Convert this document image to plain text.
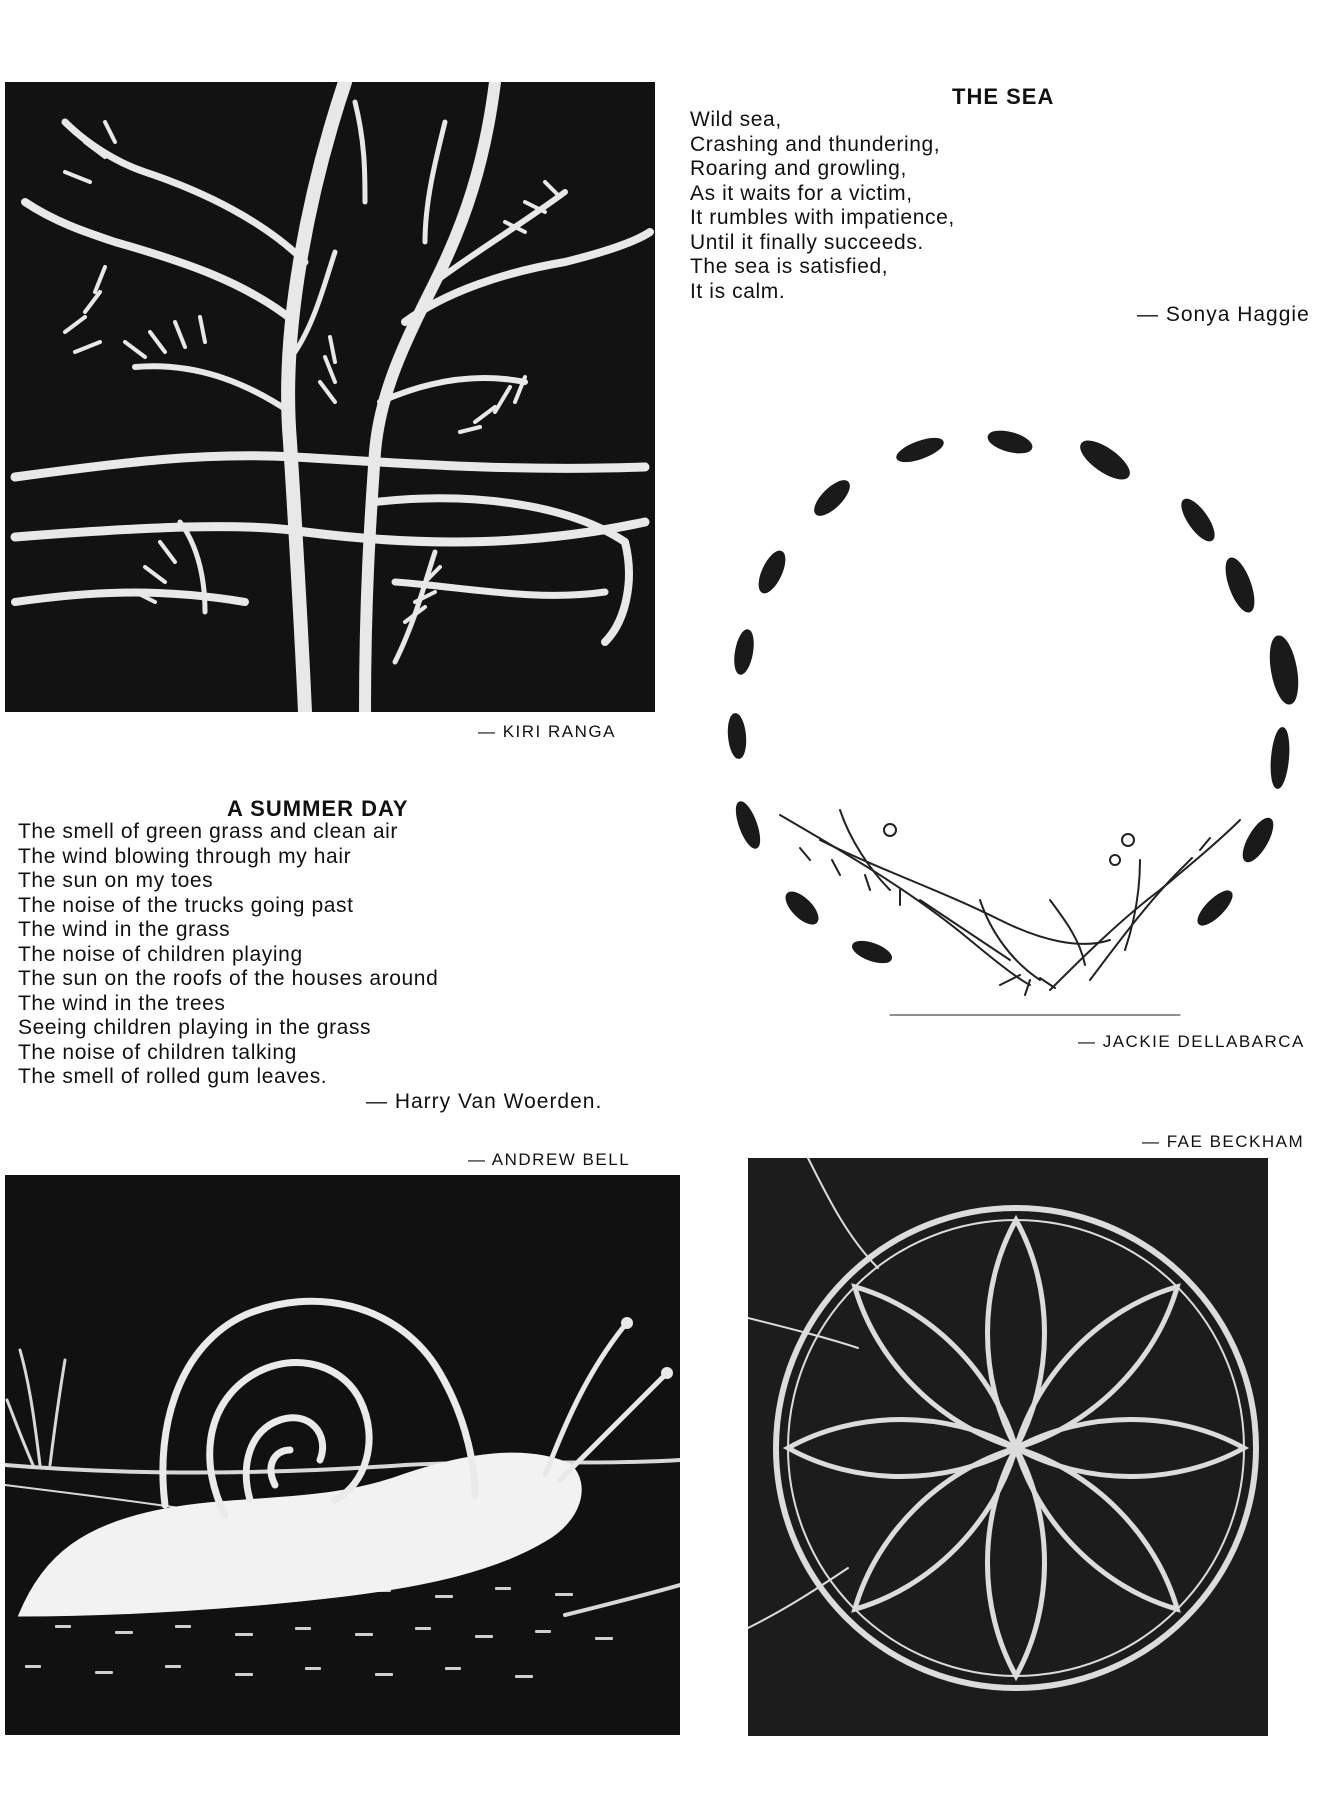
— KIRI RANGA
THE SEA
Wild sea,
Crashing and thundering,
Roaring and growling,
As it waits for a victim,
It rumbles with impatience,
Until it finally succeeds.
The sea is satisfied,
It is calm.
— Sonya Haggie
— JACKIE DELLABARCA
A SUMMER DAY
The smell of green grass and clean air
The wind blowing through my hair
The sun on my toes
The noise of the trucks going past
The wind in the grass
The noise of children playing
The sun on the roofs of the houses around
The wind in the trees
Seeing children playing in the grass
The noise of children talking
The smell of rolled gum leaves.
— Harry Van Woerden.
— ANDREW BELL
— FAE BECKHAM
